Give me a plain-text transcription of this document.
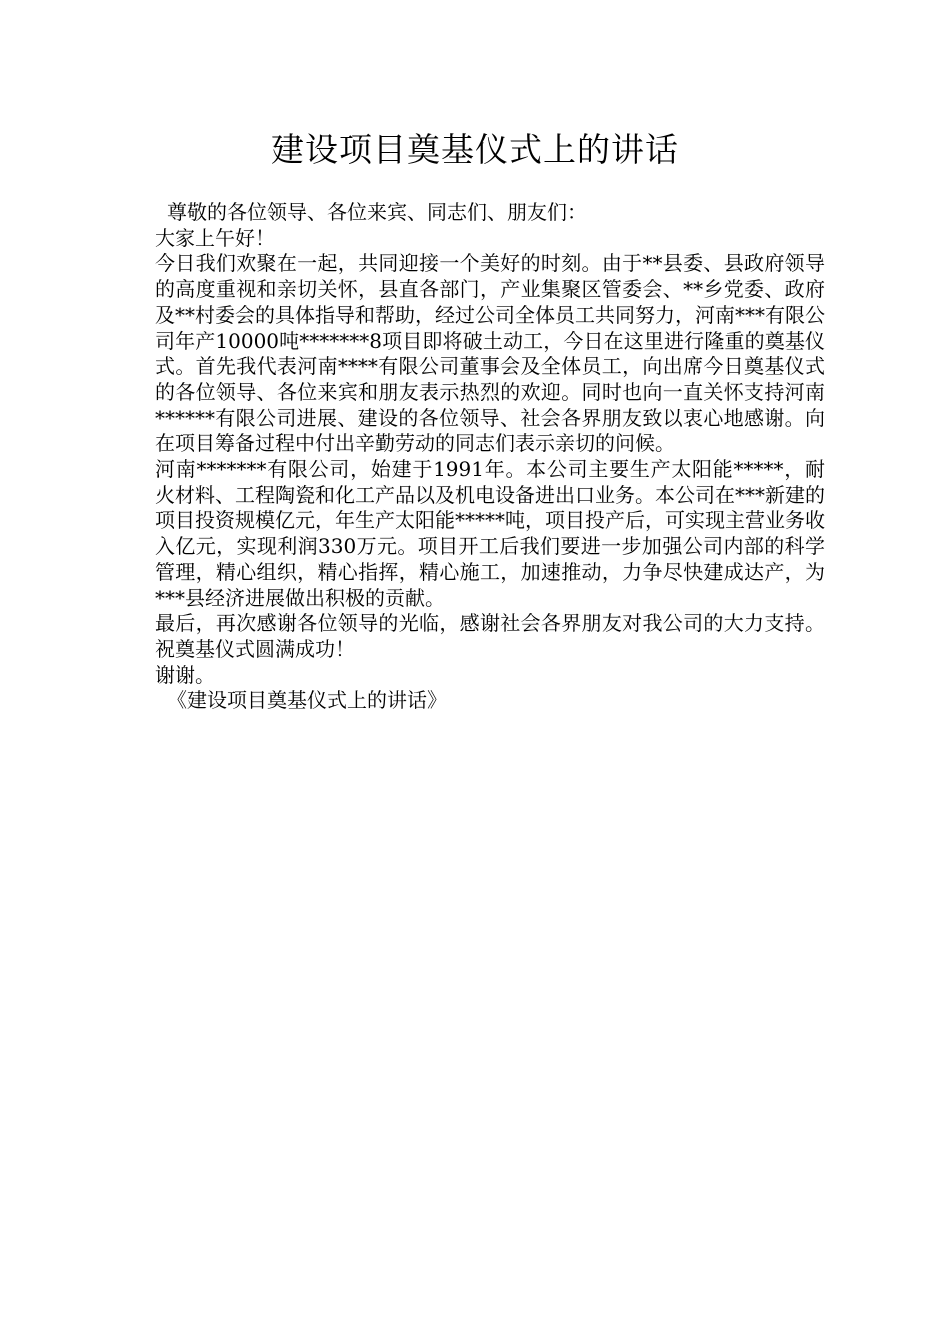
建设项目奠基仪式上的讲话

尊敬的各位领导、各位来宾、同志们、朋友们：

大家上午好！

今日我们欢聚在一起，共同迎接一个美好的时刻。由于**县委、县政府领导的高度重视和亲切关怀，县直各部门，产业集聚区管委会、**乡党委、政府及**村委会的具体指导和帮助，经过公司全体员工共同努力，河南***有限公司年产10000吨*******8项目即将破土动工，今日在这里进行隆重的奠基仪式。首先我代表河南****有限公司董事会及全体员工，向出席今日奠基仪式的各位领导、各位来宾和朋友表示热烈的欢迎。同时也向一直关怀支持河南******有限公司进展、建设的各位领导、社会各界朋友致以衷心地感谢。向在项目筹备过程中付出辛勤劳动的同志们表示亲切的问候。

河南*******有限公司，始建于1991年。本公司主要生产太阳能*****，耐火材料、工程陶瓷和化工产品以及机电设备进出口业务。本公司在***新建的项目投资规模亿元，年生产太阳能*****吨，项目投产后，可实现主营业务收入亿元，实现利润330万元。项目开工后我们要进一步加强公司内部的科学管理，精心组织，精心指挥，精心施工，加速推动，力争尽快建成达产，为***县经济进展做出积极的贡献。

最后，再次感谢各位领导的光临，感谢社会各界朋友对我公司的大力支持。祝奠基仪式圆满成功！

谢谢。

《建设项目奠基仪式上的讲话》
